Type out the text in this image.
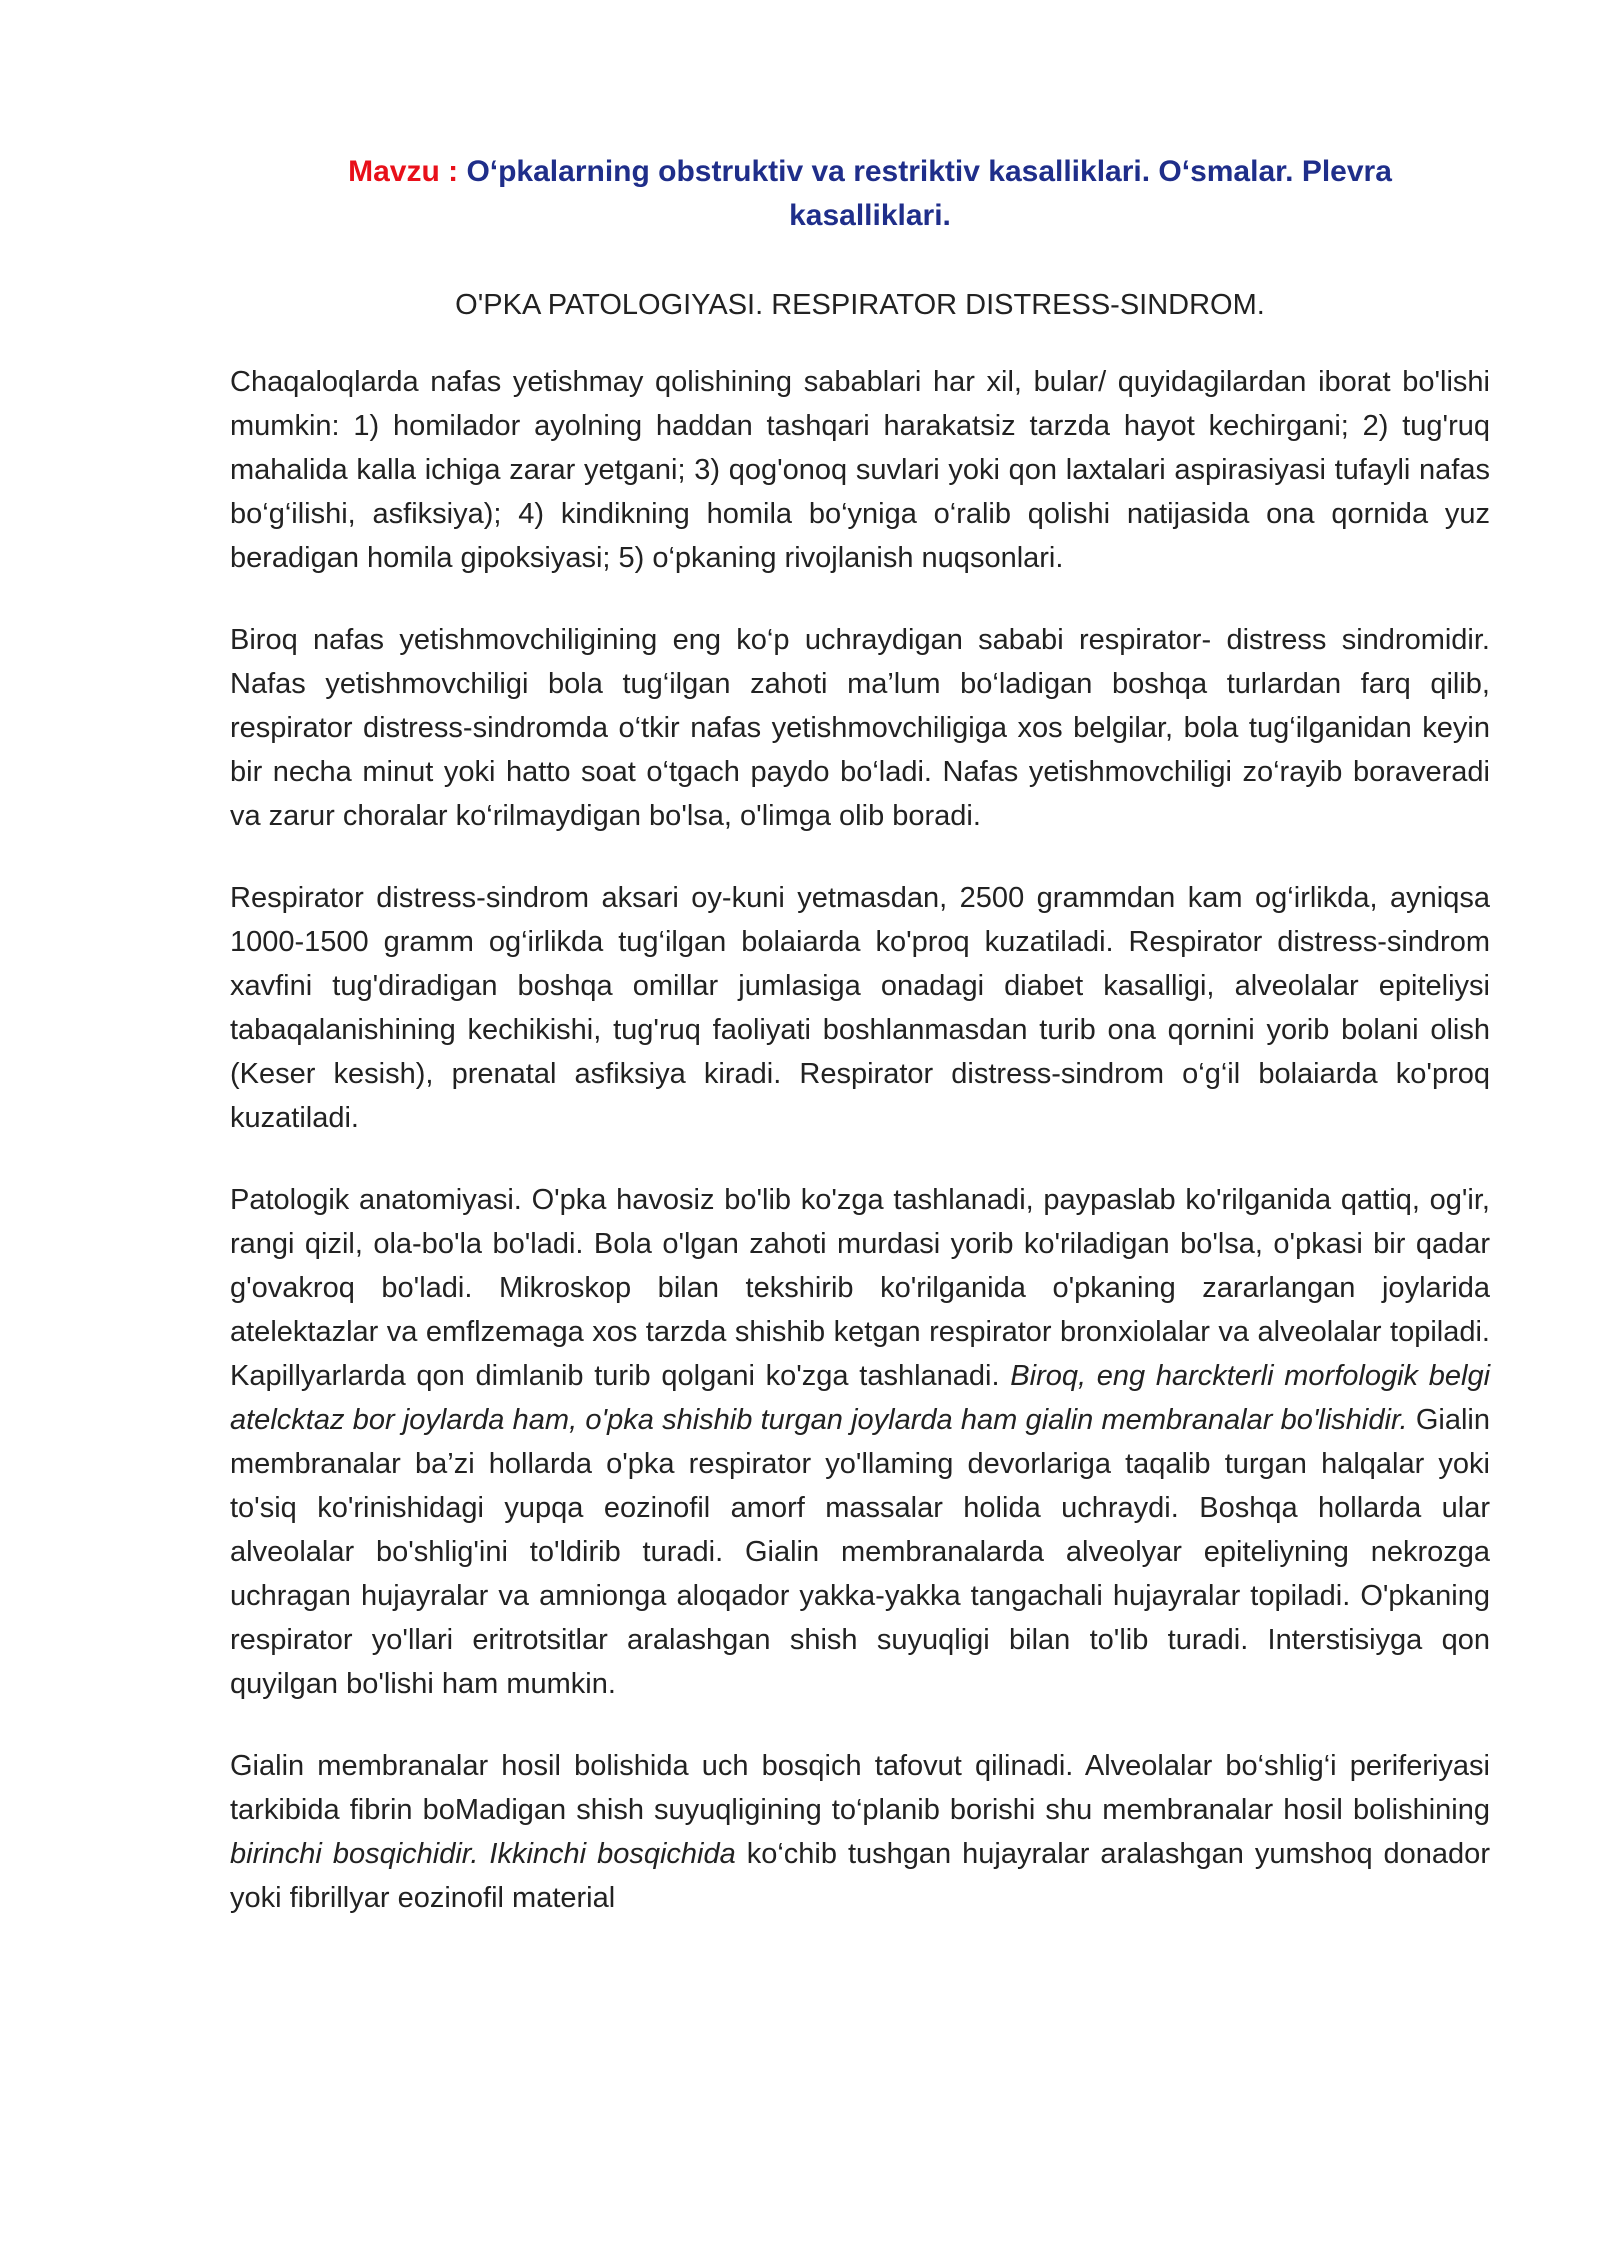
Mavzu : O‘pkalarning obstruktiv va restriktiv kasalliklari. O‘smalar. Plevra kasalliklari.
O'PKA PATOLOGIYASI. RESPIRATOR DISTRESS-SINDROM.

Chaqaloqlarda nafas yetishmay qolishining sabablari har xil, bular/ quyidagilardan iborat bo'lishi mumkin: 1) homilador ayolning haddan tashqari harakatsiz tarzda hayot kechirgani; 2) tug'ruq mahalida kalla ichiga zarar yetgani; 3) qog'onoq suvlari yoki qon laxtalari aspirasiyasi tufayli nafas bo‘g‘ilishi, asfiksiya); 4) kindikning homila bo‘yniga o‘ralib qolishi natijasida ona qornida yuz beradigan homila gipoksiyasi; 5) o‘pkaning rivojlanish nuqsonlari.

Biroq nafas yetishmovchiligining eng ko‘p uchraydigan sababi respirator- distress sindromidir. Nafas yetishmovchiligi bola tug‘ilgan zahoti ma’lum bo‘ladigan boshqa turlardan farq qilib, respirator distress-sindromda o‘tkir nafas yetishmovchiligiga xos belgilar, bola tug‘ilganidan keyin bir necha minut yoki hatto soat o‘tgach paydo bo‘ladi. Nafas yetishmovchiligi zo‘rayib boraveradi va zarur choralar ko‘rilmaydigan bo'lsa, o'limga olib boradi.

Respirator distress-sindrom aksari oy-kuni yetmasdan, 2500 grammdan kam og‘irlikda, ayniqsa 1000-1500 gramm og‘irlikda tug‘ilgan bolaiarda ko'proq kuzatiladi. Respirator distress-sindrom xavfini tug'diradigan boshqa omillar jumlasiga onadagi diabet kasalligi, alveolalar epiteliysi tabaqalanishining kechikishi, tug'ruq faoliyati boshlanmasdan turib ona qornini yorib bolani olish (Keser kesish), prenatal asfiksiya kiradi. Respirator distress-sindrom o‘g‘il bolaiarda ko'proq kuzatiladi.

Patologik anatomiyasi. O'pka havosiz bo'lib ko'zga tashlanadi, paypaslab ko'rilganida qattiq, og'ir, rangi qizil, ola-bo'la bo'ladi. Bola o'lgan zahoti murdasi yorib ko'riladigan bo'lsa, o'pkasi bir qadar g'ovakroq bo'ladi. Mikroskop bilan tekshirib ko'rilganida o'pkaning zararlangan joylarida atelektazlar va emflzemaga xos tarzda shishib ketgan respirator bronxiolalar va alveolalar topiladi. Kapillyarlarda qon dimlanib turib qolgani ko'zga tashlanadi. Biroq, eng harckterli morfologik belgi atelcktaz bor joylarda ham, o'pka shishib turgan joylarda ham gialin membranalar bo'lishidir. Gialin membranalar ba’zi hollarda o'pka respirator yo'llaming devorlariga taqalib turgan halqalar yoki to'siq ko'rinishidagi yupqa eozinofil amorf massalar holida uchraydi. Boshqa hollarda ular alveolalar bo'shlig'ini to'ldirib turadi. Gialin membranalarda alveolyar epiteliyning nekrozga uchragan hujayralar va amnionga aloqador yakka-yakka tangachali hujayralar topiladi. O'pkaning respirator yo'llari eritrotsitlar aralashgan shish suyuqligi bilan to'lib turadi. Interstisiyga qon quyilgan bo'lishi ham mumkin.

Gialin membranalar hosil bolishida uch bosqich tafovut qilinadi. Alveolalar bo‘shlig‘i periferiyasi tarkibida fibrin boMadigan shish suyuqligining to‘planib borishi shu membranalar hosil bolishining birinchi bosqichidir. Ikkinchi bosqichida ko‘chib tushgan hujayralar aralashgan yumshoq donador yoki fibrillyar eozinofil material
